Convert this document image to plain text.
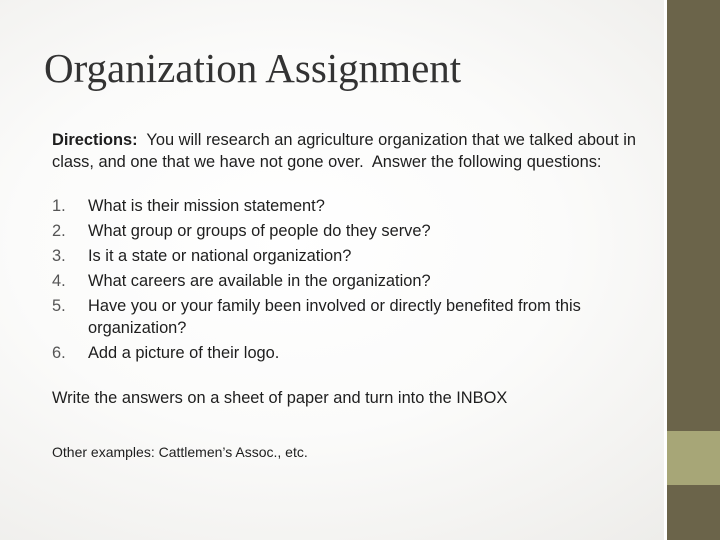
Organization Assignment

Directions:  You will research an agriculture organization that we talked about in class, and one that we have not gone over.  Answer the following questions:

1. What is their mission statement?
2. What group or groups of people do they serve?
3. Is it a state or national organization?
4. What careers are available in the organization?
5. Have you or your family been involved or directly benefited from this organization?
6. Add a picture of their logo.

Write the answers on a sheet of paper and turn into the INBOX

Other examples: Cattlemen’s Assoc., etc.
